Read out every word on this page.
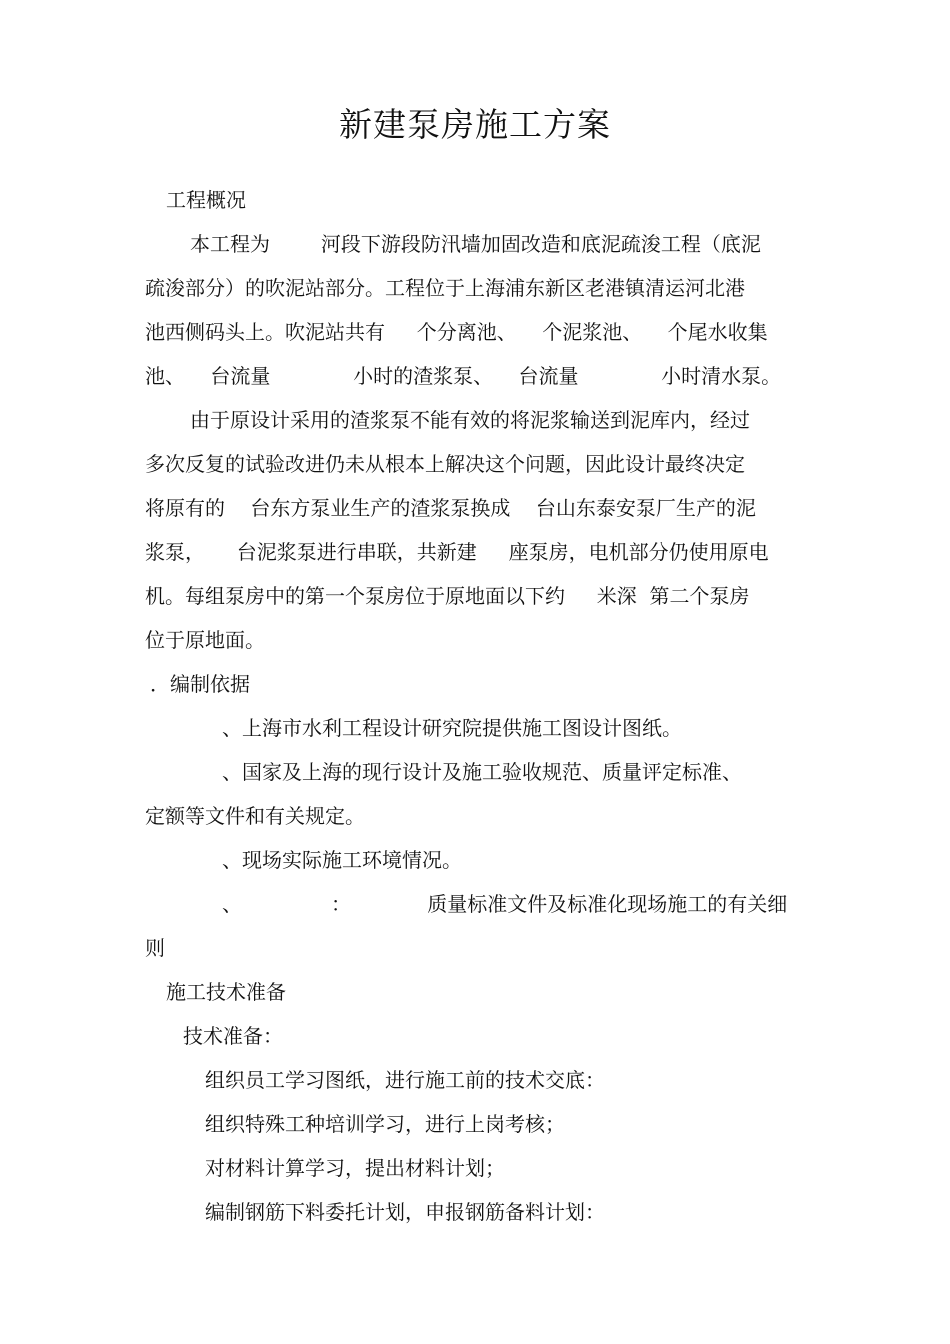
新建泵房施工方案
工程概况
本工程为        河段下游段防汛墙加固改造和底泥疏浚工程（底泥
疏浚部分）的吹泥站部分。工程位于上海浦东新区老港镇清运河北港
池西侧码头上。吹泥站共有     个分离池、    个泥浆池、    个尾水收集
池、    台流量             小时的渣浆泵、    台流量             小时清水泵。
由于原设计采用的渣浆泵不能有效的将泥浆输送到泥库内，经过
多次反复的试验改进仍未从根本上解决这个问题，因此设计最终决定
将原有的    台东方泵业生产的渣浆泵换成    台山东泰安泵厂生产的泥
浆泵，     台泥浆泵进行串联，共新建     座泵房，电机部分仍使用原电
机。每组泵房中的第一个泵房位于原地面以下约     米深  第二个泵房
位于原地面。
．编制依据
、上海市水利工程设计研究院提供施工图设计图纸。
、国家及上海的现行设计及施工验收规范、质量评定标准、
定额等文件和有关规定。
、现场实际施工环境情况。
、              ：            质量标准文件及标准化现场施工的有关细
则
施工技术准备
技术准备：
组织员工学习图纸，进行施工前的技术交底：
组织特殊工种培训学习，进行上岗考核；
对材料计算学习，提出材料计划；
编制钢筋下料委托计划，申报钢筋备料计划：
